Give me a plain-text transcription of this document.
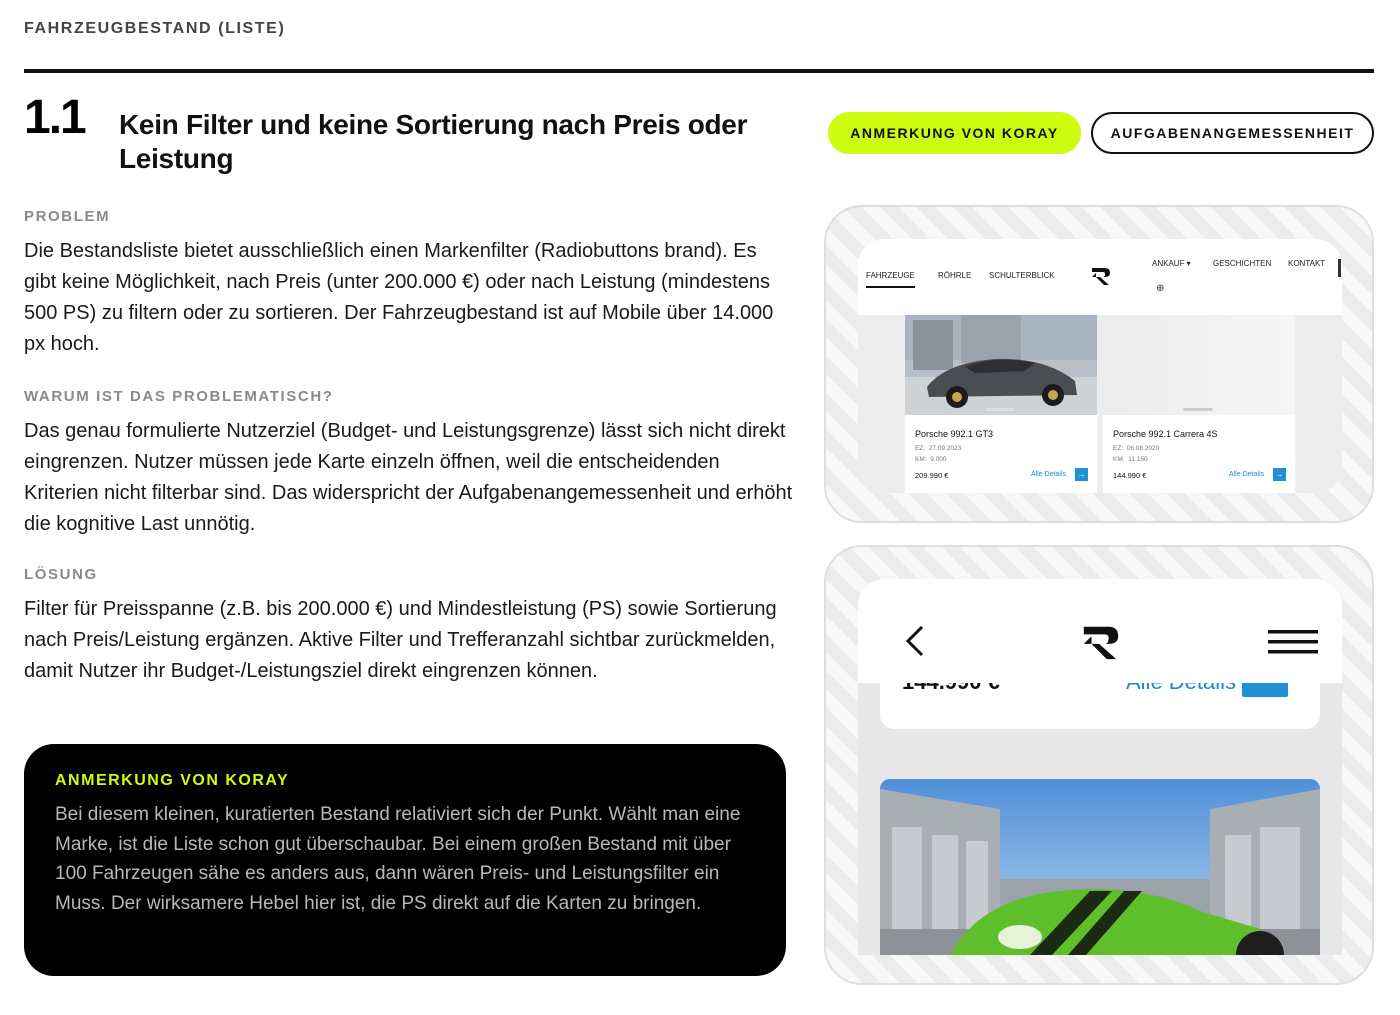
FAHRZEUGBESTAND (LISTE)
1.1 Kein Filter und keine Sortierung nach Preis oder Leistung
ANMERKUNG VON KORAY	AUFGABENANGEMESSENHEIT
PROBLEM
Die Bestandsliste bietet ausschließlich einen Markenfilter (Radiobuttons brand). Es gibt keine Möglichkeit, nach Preis (unter 200.000 €) oder nach Leistung (mindestens 500 PS) zu filtern oder zu sortieren. Der Fahrzeugbestand ist auf Mobile über 14.000 px hoch.
WARUM IST DAS PROBLEMATISCH?
Das genau formulierte Nutzerziel (Budget- und Leistungsgrenze) lässt sich nicht direkt eingrenzen. Nutzer müssen jede Karte einzeln öffnen, weil die entscheidenden Kriterien nicht filterbar sind. Das widerspricht der Aufgabenangemessenheit und erhöht die kognitive Last unnötig.
LÖSUNG
Filter für Preisspanne (z.B. bis 200.000 €) und Mindestleistung (PS) sowie Sortierung nach Preis/Leistung ergänzen. Aktive Filter und Trefferanzahl sichtbar zurückmelden, damit Nutzer ihr Budget-/Leistungsziel direkt eingrenzen können.
ANMERKUNG VON KORAY
Bei diesem kleinen, kuratierten Bestand relativiert sich der Punkt. Wählt man eine Marke, ist die Liste schon gut überschaubar. Bei einem großen Bestand mit über 100 Fahrzeugen sähe es anders aus, dann wären Preis- und Leistungsfilter ein Muss. Der wirksamere Hebel hier ist, die PS direkt auf die Karten zu bringen.
FAHRZEUGE	RÖHRLE SCHULTERBLICK
ANKAUF ▾	GESCHICHTEN KONTAKT
⊕
Porsche 992.1 GT3
EZ: 27.09.2023
KM: 9.000
209.990 €	Alle Details	→
Porsche 992.1 Carrera 4S
EZ: 06.08.2020
KM: 11.150
144.990 €	Alle Details	→
